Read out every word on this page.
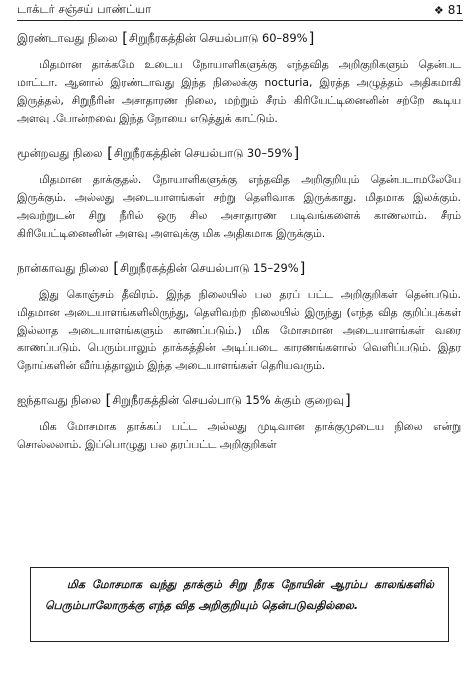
டாக்டர் சஞ்சய் பாண்ட்யா	❖ 81

இரண்டாவது நிலை [சிறுநீரகத்தின் செயல்பாடு 60–89%]

மிதமான தாக்கமே உடைய நோயாளிகளுக்கு எந்தவித அறிகுறிகளும் தென்பட மாட்டா. ஆனால் இரண்டாவது இந்த நிலைக்கு nocturia, இரத்த அழுத்தம் அதிகமாகி இருத்தல், சிறுநீரின் அசாதாரண நிலை, மற்றும் சீரம் கிரியேட்டினைனின் சற்றே கூடிய அளவு .போன்றவை இந்த நோயை எடுத்துக் காட்டும்.

மூன்றவது நிலை [சிறுநீரகத்தின் செயல்பாடு 30–59%]

மிதமான தாக்குதல். நோயாளிகளுக்கு எந்தவித அறிகுறியும் தென்படாமலேயே இருக்கும். அல்லது அடையாளங்கள் சற்று தெளிவாக இருக்காது. மிதமாக இலக்கும். அவற்றுடன் சிறு நீரில் ஒரு சில அசாதாரண படிவங்களைக் காணலாம். சீரம் கிரியேட்டினைனின் அளவு அளவுக்கு மிக அதிகமாக இருக்கும்.

நான்காவது நிலை [சிறுநீரகத்தின் செயல்பாடு 15–29%]

இது கொஞ்சம் தீவிரம். இந்த நிலையில் பல தரப் பட்ட அறிகுறிகள் தென்படும். மிதமான அடையாளங்களிலிருந்து, தெளிவற்ற நிலையில் இருந்து (எந்த வித குறிப்புக்கள் இல்லாத அடையாளங்களும் காணப்படும்.) மிக மோசமான அடையாளங்கள் வரை காணப்படும். பெரும்பாலும் தாக்கத்தின் அடிப்படை காரணங்களால் வெளிப்படும். இதர நோய்களின் வீர்யத்தாலும் இந்த அடையாளங்கள் தெரியவரும்.

ஐந்தாவது நிலை [சிறுநீரகத்தின் செயல்பாடு 15% க்கும் குறைவு]

மிக மோசமாக தாக்கப் பட்ட அல்லது முடிவான தாக்குமுடைய நிலை என்று சொல்லலாம். இப்பொழுது பல தரப்பட்ட அறிகுறிகள்

மிக மோசமாக வந்து தாக்கும் சிறு நீரக நோயின் ஆரம்ப காலங்களில் பெரும்பாலோருக்கு எந்த வித அறிகுறியும் தென்படுவதில்லை.
